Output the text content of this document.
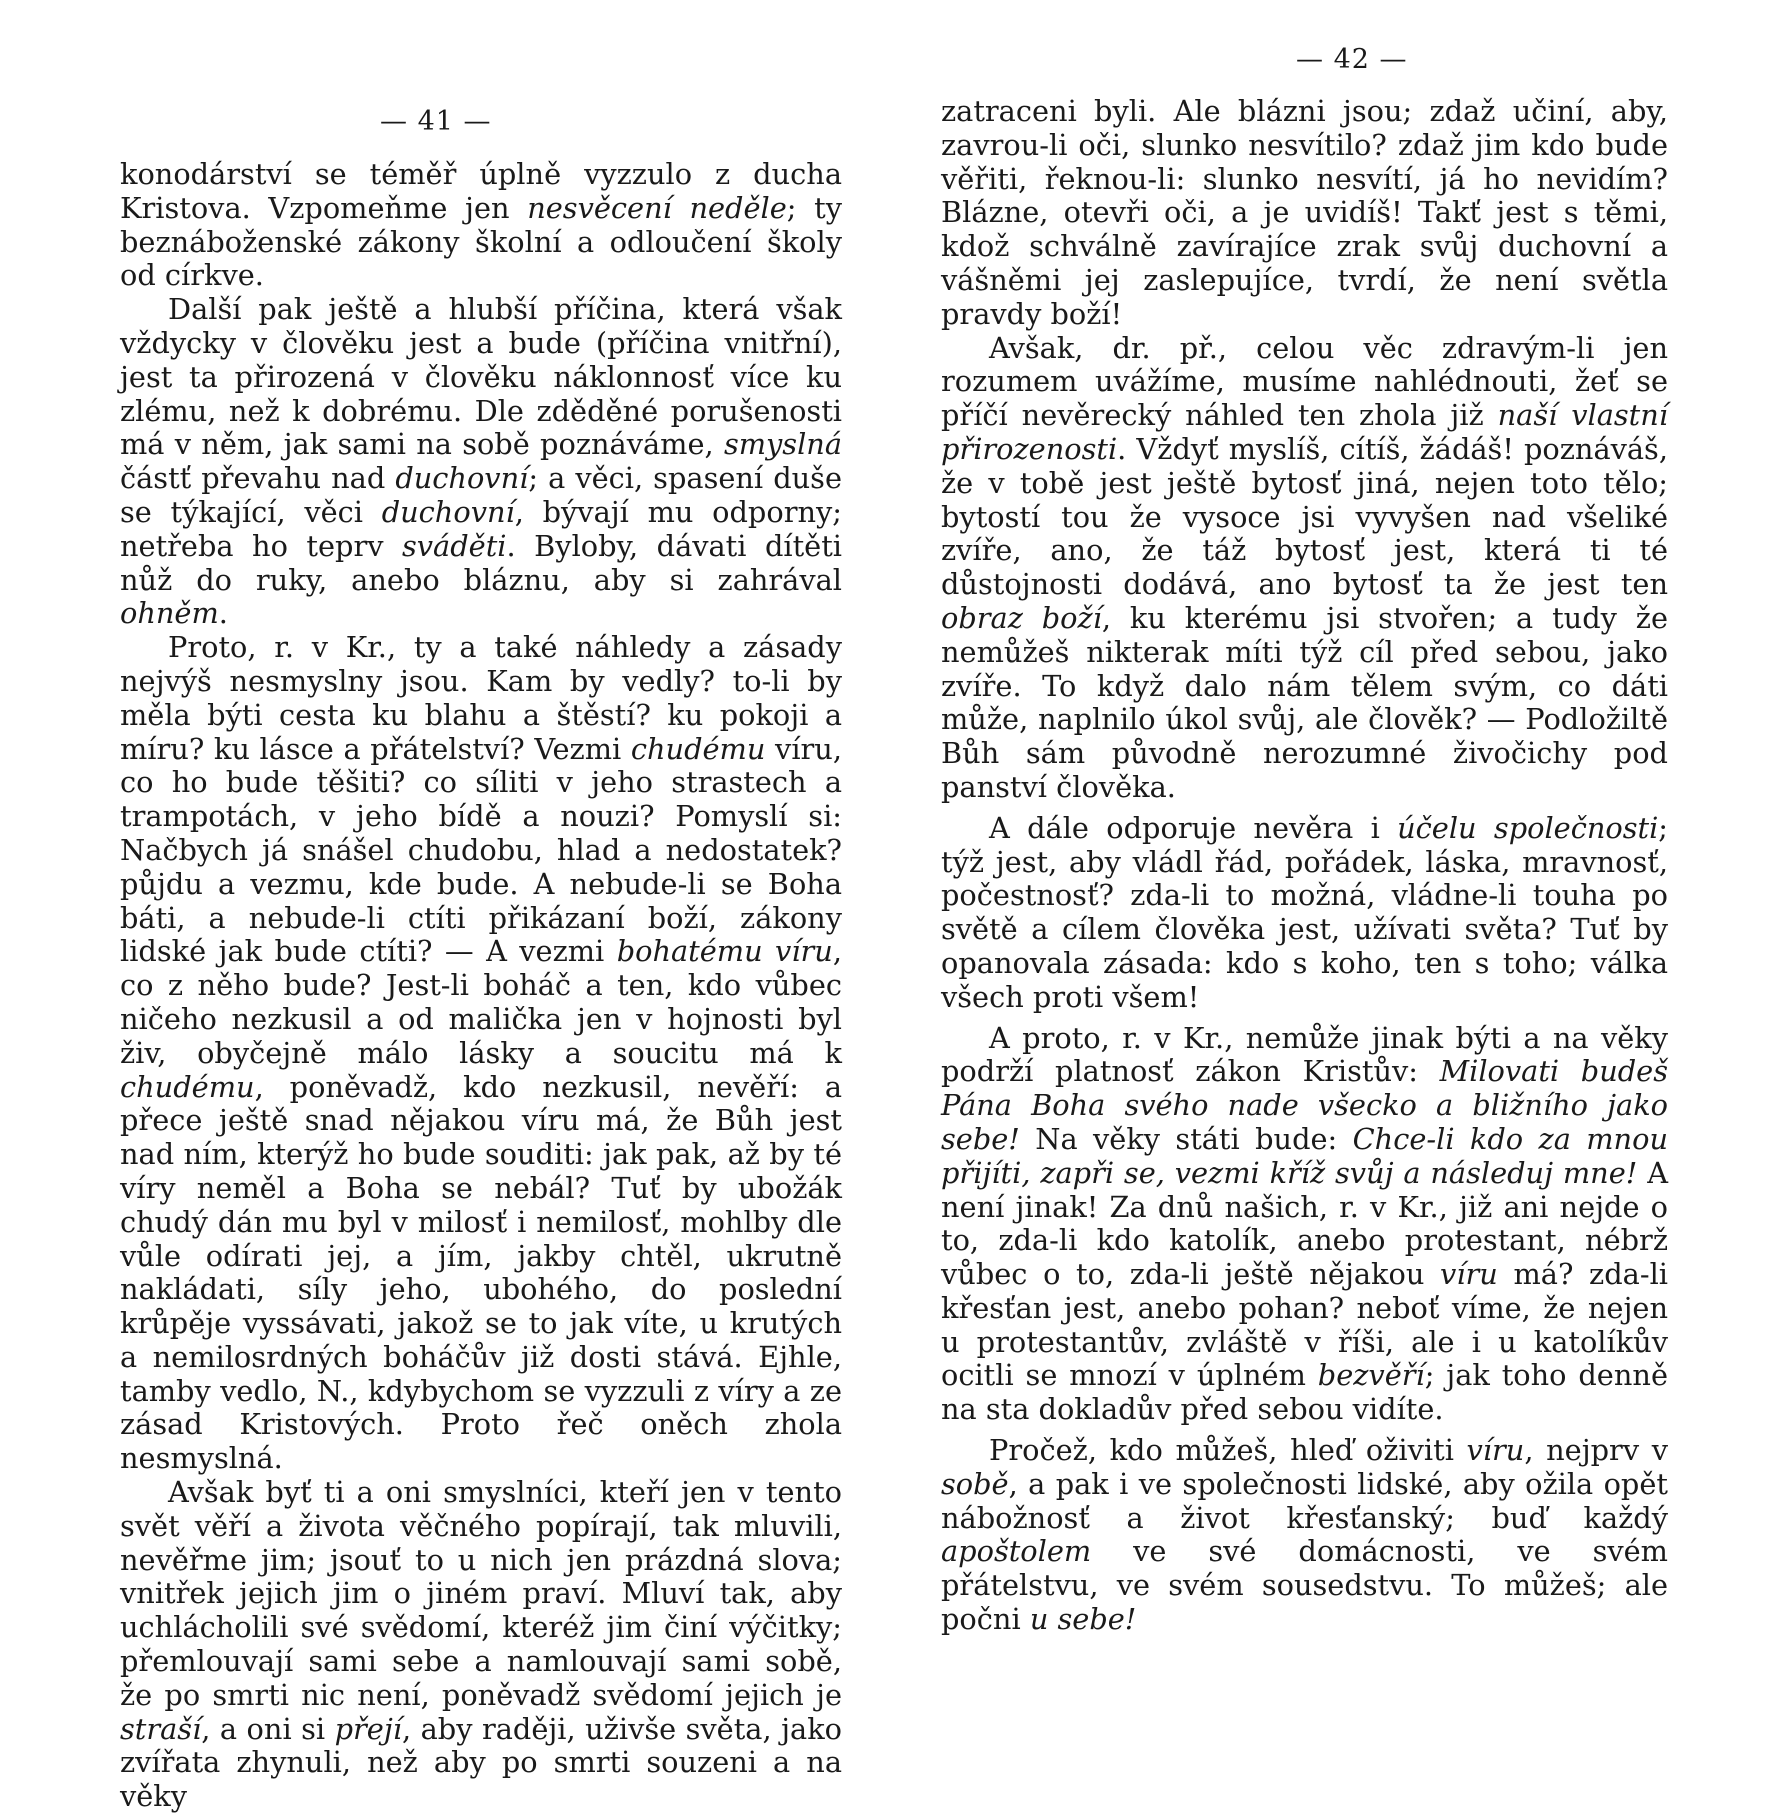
— 41 —

konodárství se téměř úplně vyzzulo z ducha Kristova. Vzpomeňme jen nesvěcení neděle; ty beznáboženské zákony školní a odloučení školy od církve.

Další pak ještě a hlubší příčina, která však vždycky v člověku jest a bude (příčina vnitřní), jest ta přirozená v člověku náklonnosť více ku zlému, než k dobrému. Dle zděděné porušenosti má v něm, jak sami na sobě poznáváme, smyslná částť převahu nad duchovní; a věci, spasení duše se týkající, věci duchovní, bývají mu odporny; netřeba ho teprv sváděti. Byloby, dávati dítěti nůž do ruky, anebo bláznu, aby si zahrával ohněm.

Proto, r. v Kr., ty a také náhledy a zásady nejvýš nesmyslny jsou. Kam by vedly? to-li by měla býti cesta ku blahu a štěstí? ku pokoji a míru? ku lásce a přátelství? Vezmi chudému víru, co ho bude těšiti? co síliti v jeho strastech a trampotách, v jeho bídě a nouzi? Pomyslí si: Načbych já snášel chudobu, hlad a nedostatek? půjdu a vezmu, kde bude. A nebude-li se Boha báti, a nebude-li ctíti přikázaní boží, zákony lidské jak bude ctíti? — A vezmi bohatému víru, co z něho bude? Jest-li boháč a ten, kdo vůbec ničeho nezkusil a od malička jen v hojnosti byl živ, obyčejně málo lásky a soucitu má k chudému, poněvadž, kdo nezkusil, nevěří: a přece ještě snad nějakou víru má, že Bůh jest nad ním, kterýž ho bude souditi: jak pak, až by té víry neměl a Boha se nebál? Tuť by ubožák chudý dán mu byl v milosť i nemilosť, mohlby dle vůle odírati jej, a jím, jakby chtěl, ukrutně nakládati, síly jeho, ubohého, do poslední krůpěje vyssávati, jakož se to jak víte, u krutých a nemilosrdných boháčův již dosti stává. Ejhle, tamby vedlo, N., kdybychom se vyzzuli z víry a ze zásad Kristových. Proto řeč oněch zhola nesmyslná.

Avšak byť ti a oni smyslníci, kteří jen v tento svět věří a života věčného popírají, tak mluvili, nevěřme jim; jsouť to u nich jen prázdná slova; vnitřek jejich jim o jiném praví. Mluví tak, aby uchlácholili své svědomí, kteréž jim činí výčitky; přemlouvají sami sebe a namlouvají sami sobě, že po smrti nic není, poněvadž svědomí jejich je straší, a oni si přejí, aby raději, uživše světa, jako zvířata zhynuli, než aby po smrti souzeni a na věky

— 42 —

zatraceni byli. Ale blázni jsou; zdaž učiní, aby, zavrou-li oči, slunko nesvítilo? zdaž jim kdo bude věřiti, řeknou-li: slunko nesvítí, já ho nevidím? Blázne, otevři oči, a je uvidíš! Takť jest s těmi, kdož schválně zavírajíce zrak svůj duchovní a vášněmi jej zaslepujíce, tvrdí, že není světla pravdy boží!

Avšak, dr. př., celou věc zdravým-li jen rozumem uvážíme, musíme nahlédnouti, žeť se příčí nevěrecký náhled ten zhola již naší vlastní přirozenosti. Vždyť myslíš, cítíš, žádáš! poznáváš, že v tobě jest ještě bytosť jiná, nejen toto tělo; bytostí tou že vysoce jsi vyvyšen nad všeliké zvíře, ano, že táž bytosť jest, která ti té důstojnosti dodává, ano bytosť ta že jest ten obraz boží, ku kterému jsi stvořen; a tudy že nemůžeš nikterak míti týž cíl před sebou, jako zvíře. To když dalo nám tělem svým, co dáti může, naplnilo úkol svůj, ale člověk? — Podložiltě Bůh sám původně nerozumné živočichy pod panství člověka.

A dále odporuje nevěra i účelu společnosti; týž jest, aby vládl řád, pořádek, láska, mravnosť, počestnosť? zda-li to možná, vládne-li touha po světě a cílem člověka jest, užívati světa? Tuť by opanovala zásada: kdo s koho, ten s toho; válka všech proti všem!

A proto, r. v Kr., nemůže jinak býti a na věky podrží platnosť zákon Kristův: Milovati budeš Pána Boha svého nade všecko a bližního jako sebe! Na věky státi bude: Chce-li kdo za mnou přijíti, zapři se, vezmi kříž svůj a následuj mne! A není jinak! Za dnů našich, r. v Kr., již ani nejde o to, zda-li kdo katolík, anebo protestant, nébrž vůbec o to, zda-li ještě nějakou víru má? zda-li křesťan jest, anebo pohan? neboť víme, že nejen u protestantův, zvláště v říši, ale i u katolíkův ocitli se mnozí v úplném bezvěří; jak toho denně na sta dokladův před sebou vidíte.

Pročež, kdo můžeš, hleď oživiti víru, nejprv v sobě, a pak i ve společnosti lidské, aby ožila opět nábožnosť a život křesťanský; buď každý apoštolem ve své domácnosti, ve svém přátelstvu, ve svém sousedstvu. To můžeš; ale počni u sebe!
